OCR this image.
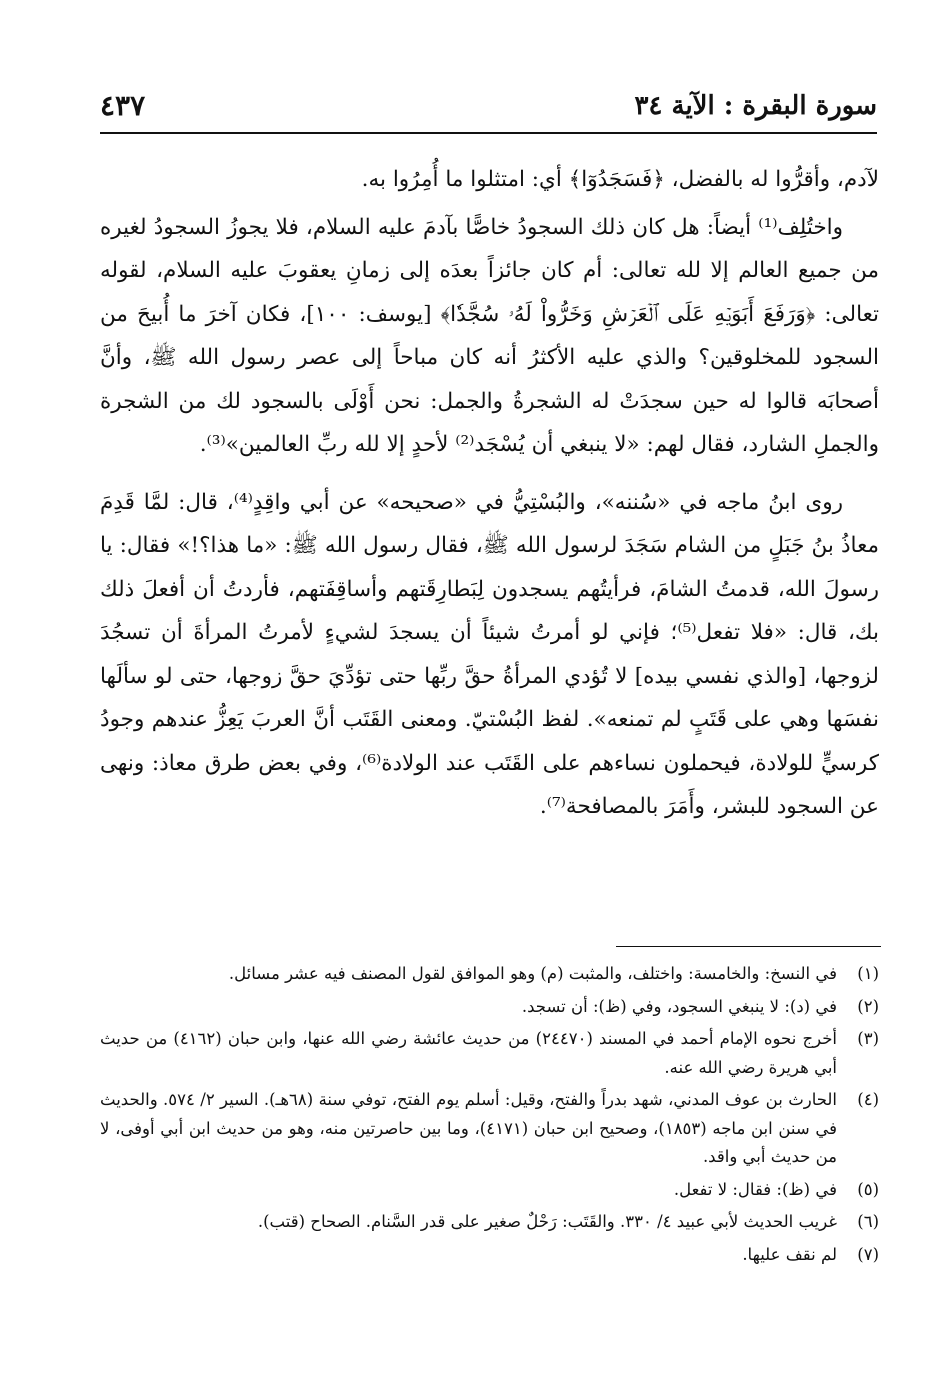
سورة البقرة : الآية ٣٤
٤٣٧

لآدم، وأقرُّوا له بالفضل، ﴿فَسَجَدُوٓا﴾ أي: امتثلوا ما أُمِرُوا به.

واختُلِف⁽¹⁾ أيضاً: هل كان ذلك السجودُ خاصًّا بآدمَ عليه السلام، فلا يجوزُ السجودُ لغيره من جميع العالم إلا لله تعالى: أم كان جائزاً بعدَه إلى زمانِ يعقوبَ عليه السلام، لقوله تعالى: ﴿وَرَفَعَ أَبَوَيۡهِ عَلَى ٱلۡعَرۡشِ وَخَرُّواْ لَهُۥ سُجَّدٗا﴾ [يوسف: ١٠٠]، فكان آخرَ ما أُبيحَ من السجود للمخلوقين؟ والذي عليه الأكثرُ أنه كان مباحاً إلى عصر رسول الله ﷺ، وأنَّ أصحابَه قالوا له حين سجدَتْ له الشجرةُ والجمل: نحن أَوْلَى بالسجود لك من الشجرة والجملِ الشارد، فقال لهم: «لا ينبغي أن يُسْجَد⁽²⁾ لأحدٍ إلا لله ربِّ العالمين»⁽³⁾.

روى ابنُ ماجه في «سُننه»، والبُسْتِيُّ في «صحيحه» عن أبي واقِدٍ⁽⁴⁾، قال: لمَّا قَدِمَ معاذُ بنُ جَبَلٍ من الشام سَجَدَ لرسول الله ﷺ، فقال رسول الله ﷺ: «ما هذا؟!» فقال: يا رسولَ الله، قدمتُ الشامَ، فرأيتُهم يسجدون لِبَطارِقَتهم وأساقِفَتهم، فأردتُ أن أفعلَ ذلك بك، قال: «فلا تفعل⁽⁵⁾؛ فإني لو أمرتُ شيئاً أن يسجدَ لشيءٍ لأمرتُ المرأةَ أن تسجُدَ لزوجها، [والذي نفسي بيده] لا تُؤدي المرأةُ حقَّ ربِّها حتى تؤدِّيَ حقَّ زوجها، حتى لو سألَها نفسَها وهي على قَتَبٍ لم تمنعه». لفظ البُسْتيّ. ومعنى القَتَب أنَّ العربَ يَعِزُّ عندهم وجودُ كرسيٍّ للولادة، فيحملون نساءهم على القَتَب عند الولادة⁽⁶⁾، وفي بعض طرق معاذ: ونهى عن السجود للبشر، وأَمَرَ بالمصافحة⁽⁷⁾.

(١)
في النسخ: والخامسة: واختلف، والمثبت (م) وهو الموافق لقول المصنف فيه عشر مسائل.
(٢)
في (د): لا ينبغي السجود، وفي (ظ): أن تسجد.
(٣)
أخرج نحوه الإمام أحمد في المسند (٢٤٤٧٠) من حديث عائشة رضي الله عنها، وابن حبان (٤١٦٢) من حديث أبي هريرة رضي الله عنه.
(٤)
الحارث بن عوف المدني، شهد بدراً والفتح، وقيل: أسلم يوم الفتح، توفي سنة (٦٨هـ). السير ٢/ ٥٧٤. والحديث في سنن ابن ماجه (١٨٥٣)، وصحيح ابن حبان (٤١٧١)، وما بين حاصرتين منه، وهو من حديث ابن أبي أوفى، لا من حديث أبي واقد.
(٥)
في (ظ): فقال: لا تفعل.
(٦)
غريب الحديث لأبي عبيد ٤/ ٣٣٠. والقَتَب: رَحْلٌ صغير على قدر السَّنام. الصحاح (قتب).
(٧)
لم نقف عليها.
